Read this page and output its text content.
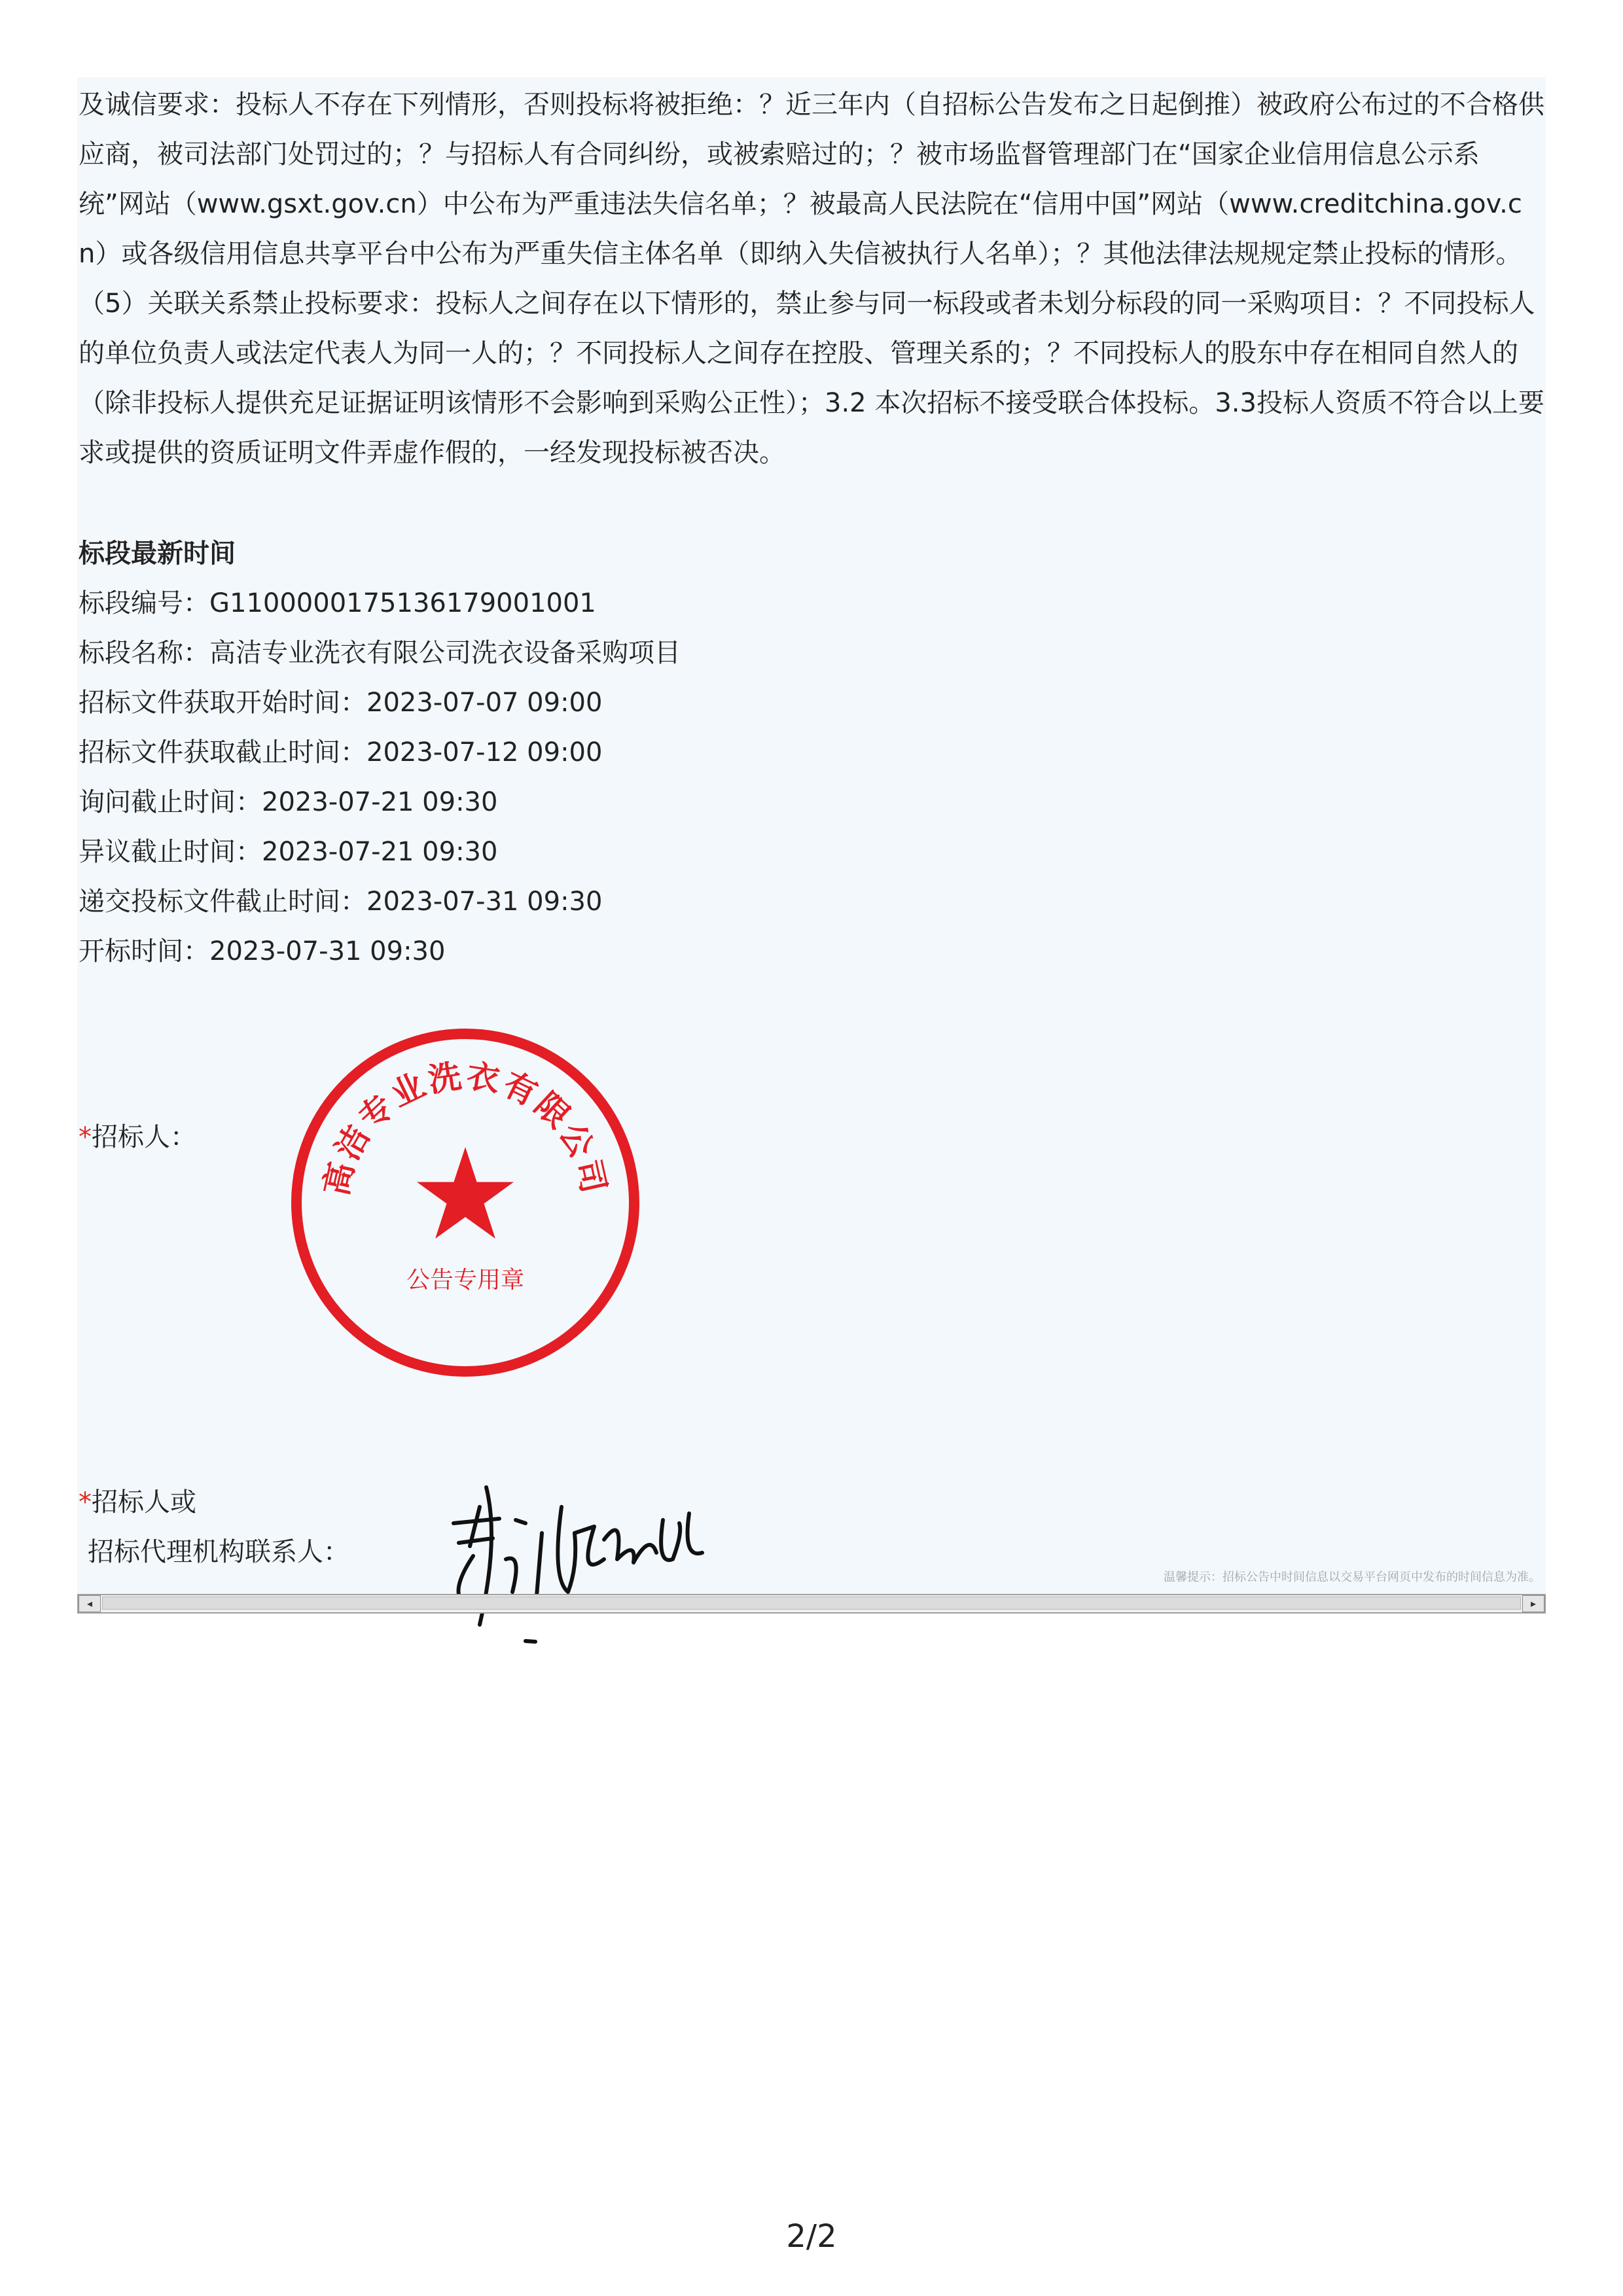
及诚信要求：投标人不存在下列情形，否则投标将被拒绝：？近三年内（自招标公告发布之日起倒推）被政府公布过的不合格供应商，被司法部门处罚过的；？与招标人有合同纠纷，或被索赔过的；？被市场监督管理部门在“国家企业信用信息公示系统”网站（www.gsxt.gov.cn）中公布为严重违法失信名单；？被最高人民法院在“信用中国”网站（www.creditchina.gov.cn）或各级信用信息共享平台中公布为严重失信主体名单（即纳入失信被执行人名单）；？其他法律法规规定禁止投标的情形。（5）关联关系禁止投标要求：投标人之间存在以下情形的，禁止参与同一标段或者未划分标段的同一采购项目：？不同投标人的单位负责人或法定代表人为同一人的；？不同投标人之间存在控股、管理关系的；？不同投标人的股东中存在相同自然人的（除非投标人提供充足证据证明该情形不会影响到采购公正性）；3.2 本次招标不接受联合体投标。3.3投标人资质不符合以上要求或提供的资质证明文件弄虚作假的，一经发现投标被否决。

标段最新时间
标段编号：G1100000175136179001001
标段名称：高洁专业洗衣有限公司洗衣设备采购项目
招标文件获取开始时间：2023-07-07 09:00
招标文件获取截止时间：2023-07-12 09:00
询问截止时间：2023-07-21 09:30
异议截止时间：2023-07-21 09:30
递交投标文件截止时间：2023-07-31 09:30
开标时间：2023-07-31 09:30
*招标人：
*招标人或
招标代理机构联系人：
高洁专业洗衣有限公司
公告专用章
温馨提示：招标公告中时间信息以交易平台网页中发布的时间信息为准。
◂	▸
2/2
